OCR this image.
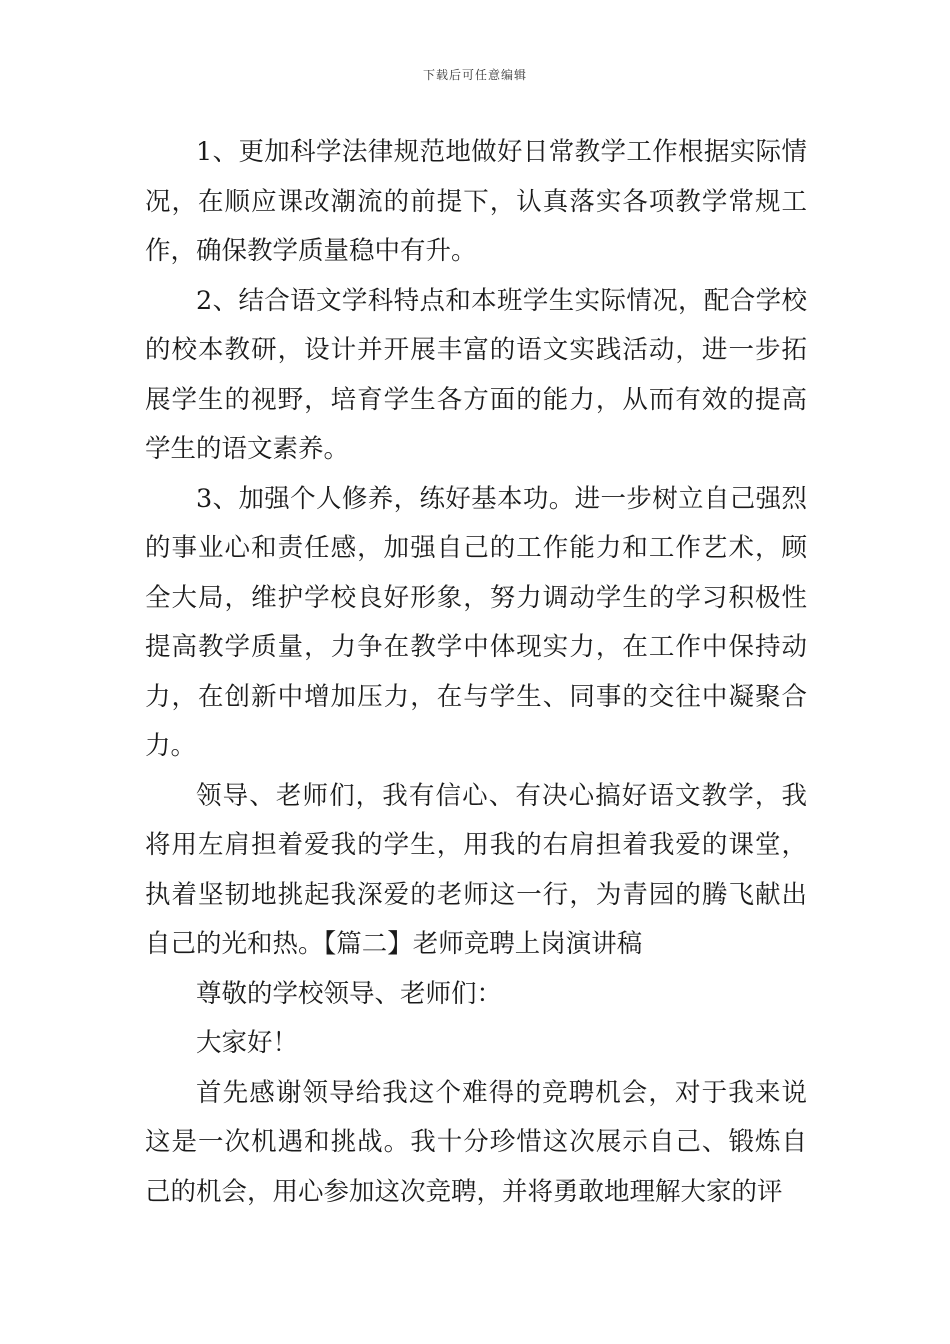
下载后可任意编辑

1、更加科学法律规范地做好日常教学工作根据实际情况，在顺应课改潮流的前提下，认真落实各项教学常规工作，确保教学质量稳中有升。

2、结合语文学科特点和本班学生实际情况，配合学校的校本教研，设计并开展丰富的语文实践活动，进一步拓展学生的视野，培育学生各方面的能力，从而有效的提高学生的语文素养。

3、加强个人修养，练好基本功。进一步树立自己强烈的事业心和责任感，加强自己的工作能力和工作艺术，顾全大局，维护学校良好形象，努力调动学生的学习积极性提高教学质量，力争在教学中体现实力，在工作中保持动力，在创新中增加压力，在与学生、同事的交往中凝聚合力。

领导、老师们，我有信心、有决心搞好语文教学，我将用左肩担着爱我的学生，用我的右肩担着我爱的课堂，执着坚韧地挑起我深爱的老师这一行，为青园的腾飞献出自己的光和热。【篇二】老师竞聘上岗演讲稿

尊敬的学校领导、老师们：

大家好！

首先感谢领导给我这个难得的竞聘机会，对于我来说这是一次机遇和挑战。我十分珍惜这次展示自己、锻炼自己的机会，用心参加这次竞聘，并将勇敢地理解大家的评
